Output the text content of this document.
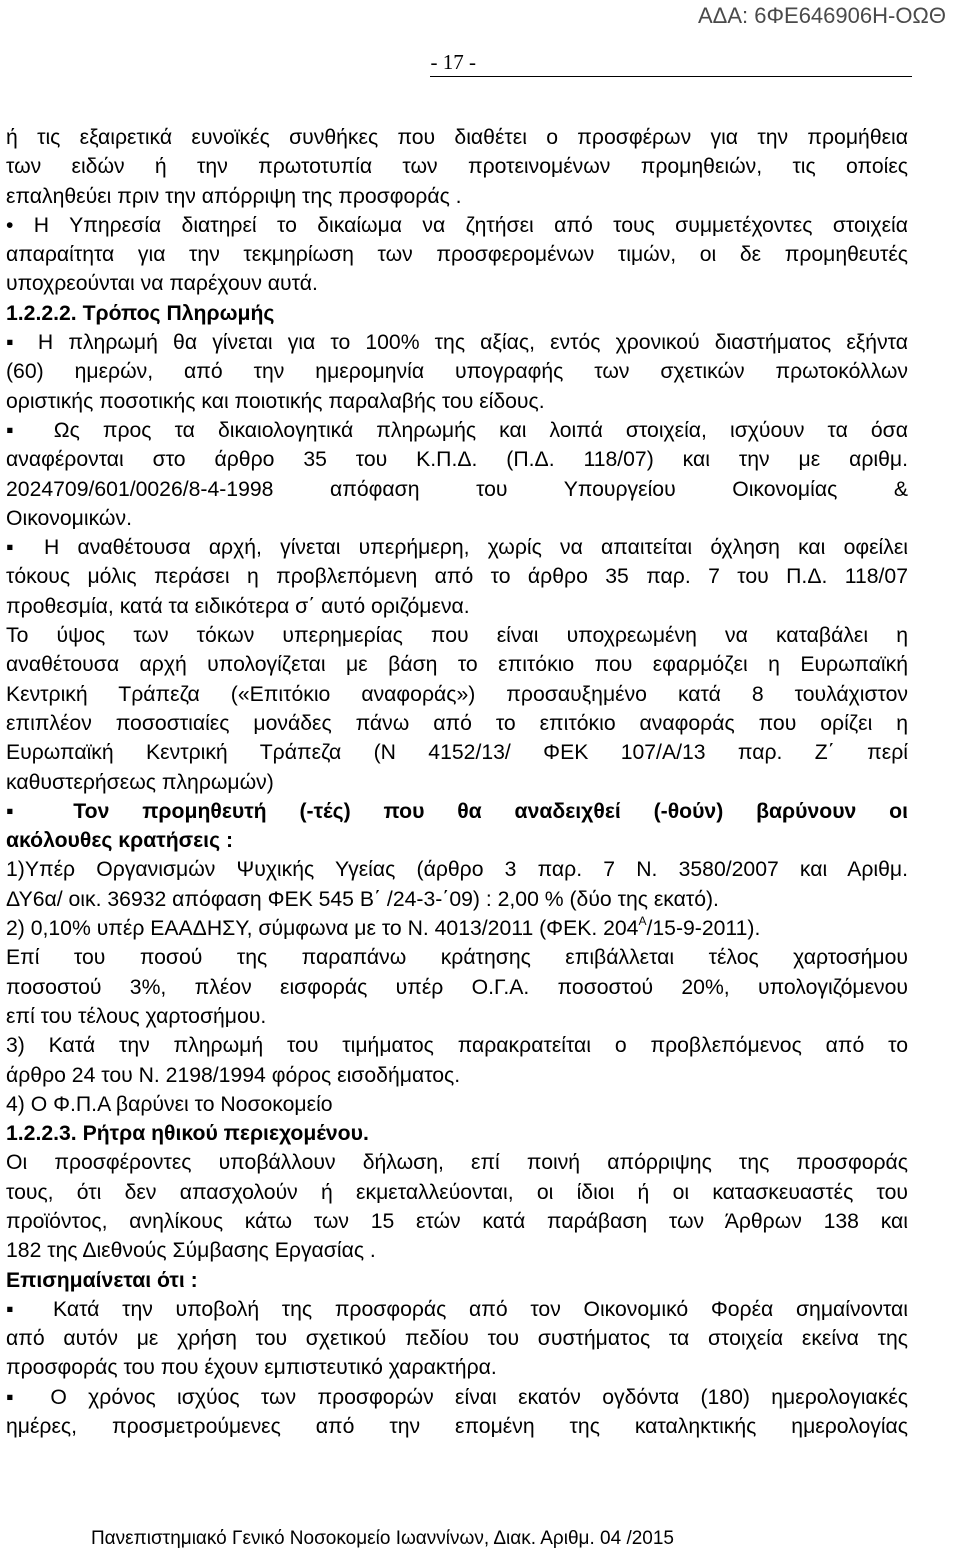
ΑΔΑ: 6ΦΕ646906Η-ΟΩΘ
- 17 -

ή τις εξαιρετικά ευνοϊκές συνθήκες που διαθέτει ο προσφέρων για την προμήθεια

των ειδών ή την πρωτοτυπία των προτεινομένων προμηθειών, τις οποίες

επαληθεύει πριν την απόρριψη της προσφοράς .

• Η Υπηρεσία διατηρεί το δικαίωμα να ζητήσει από τους συμμετέχοντες στοιχεία

απαραίτητα για την τεκμηρίωση των προσφερομένων τιμών, οι δε προμηθευτές

υποχρεούνται να παρέχουν αυτά.

1.2.2.2. Τρόπος Πληρωμής

▪ Η πληρωμή θα γίνεται για το 100% της αξίας, εντός χρονικού διαστήματος εξήντα

(60) ημερών, από την ημερομηνία υπογραφής των σχετικών πρωτοκόλλων

οριστικής ποσοτικής και ποιοτικής παραλαβής του είδους.

▪ Ως προς τα δικαιολογητικά πληρωμής και λοιπά στοιχεία, ισχύουν τα όσα

αναφέρονται στο άρθρο 35 του Κ.Π.Δ. (Π.Δ. 118/07) και την με αριθμ.

2024709/601/0026/8-4-1998 απόφαση του Υπουργείου Οικονομίας &

Οικονομικών.

▪ Η αναθέτουσα αρχή, γίνεται υπερήμερη, χωρίς να απαιτείται όχληση και οφείλει

τόκους μόλις περάσει η προβλεπόμενη από το άρθρο 35 παρ. 7 του Π.Δ. 118/07

προθεσμία, κατά τα ειδικότερα σ΄ αυτό οριζόμενα.

Το ύψος των τόκων υπερημερίας που είναι υποχρεωμένη να καταβάλει η

αναθέτουσα αρχή υπολογίζεται με βάση το επιτόκιο που εφαρμόζει η Ευρωπαϊκή

Κεντρική Τράπεζα («Επιτόκιο αναφοράς») προσαυξημένο κατά 8 τουλάχιστον

επιπλέον ποσοστιαίες μονάδες πάνω από το επιτόκιο αναφοράς που ορίζει η

Ευρωπαϊκή Κεντρική Τράπεζα (Ν 4152/13/ ΦΕΚ 107/Α/13 παρ. Ζ΄ περί

καθυστερήσεως πληρωμών)

▪ Τον προμηθευτή (-τές) που θα αναδειχθεί (-θούν) βαρύνουν οι

ακόλουθες κρατήσεις :

1)Υπέρ Οργανισμών Ψυχικής Υγείας (άρθρο 3 παρ. 7 Ν. 3580/2007 και Αριθμ.

ΔΥ6α/ οικ. 36932 απόφαση ΦΕΚ 545 Β΄ /24-3-΄09) : 2,00 % (δύο της εκατό).

2) 0,10% υπέρ ΕΑΑΔΗΣΥ, σύμφωνα με το Ν. 4013/2011 (ΦΕΚ. $204^A/15-9-2011$).

Επί του ποσού της παραπάνω κράτησης επιβάλλεται τέλος χαρτοσήμου

ποσοστού 3%, πλέον εισφοράς υπέρ Ο.Γ.Α. ποσοστού 20%, υπολογιζόμενου

επί του τέλους χαρτοσήμου.

3) Κατά την πληρωμή του τιμήματος παρακρατείται ο προβλεπόμενος από το

άρθρο 24 του Ν. 2198/1994 φόρος εισοδήματος.

4) Ο Φ.Π.Α βαρύνει το Νοσοκομείο

1.2.2.3. Ρήτρα ηθικού περιεχομένου.

Οι προσφέροντες υποβάλλουν δήλωση, επί ποινή απόρριψης της προσφοράς

τους, ότι δεν απασχολούν ή εκμεταλλεύονται, οι ίδιοι ή οι κατασκευαστές του

προϊόντος, ανηλίκους κάτω των 15 ετών κατά παράβαση των Άρθρων 138 και

182 της Διεθνούς Σύμβασης Εργασίας .

Επισημαίνεται ότι :

▪ Κατά την υποβολή της προσφοράς από τον Οικονομικό Φορέα σημαίνονται

από αυτόν με χρήση του σχετικού πεδίου του συστήματος τα στοιχεία εκείνα της

προσφοράς του που έχουν εμπιστευτικό χαρακτήρα.

▪ Ο χρόνος ισχύος των προσφορών είναι εκατόν ογδόντα (180) ημερολογιακές

ημέρες, προσμετρούμενες από την επομένη της καταληκτικής ημερολογίας

Πανεπιστημιακό Γενικό Νοσοκομείο Ιωαννίνων, Διακ. Αριθμ. 04 /2015
